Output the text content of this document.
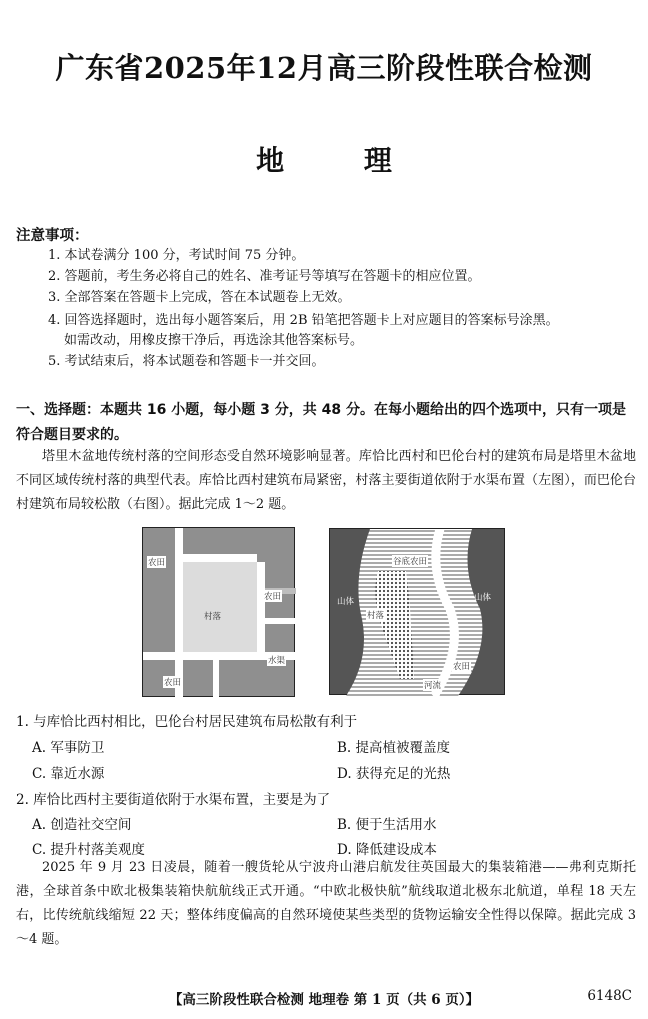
广东省2025年12月高三阶段性联合检测
地 理
注意事项：
1. 本试卷满分 100 分，考试时间 75 分钟。
2. 答题前，考生务必将自己的姓名、准考证号等填写在答题卡的相应位置。
3. 全部答案在答题卡上完成，答在本试题卷上无效。
4. 回答选择题时，选出每小题答案后，用 2B 铅笔把答题卡上对应题目的答案标号涂黑。
如需改动，用橡皮擦干净后，再选涂其他答案标号。
5. 考试结束后，将本试题卷和答题卡一并交回。
一、选择题：本题共 16 小题，每小题 3 分，共 48 分。在每小题给出的四个选项中，只有一项是符合题目要求的。
塔里木盆地传统村落的空间形态受自然环境影响显著。库恰比西村和巴伦台村的建筑布局是塔里木盆地不同区域传统村落的典型代表。库恰比西村建筑布局紧密，村落主要街道依附于水渠布置（左图），而巴伦台村建筑布局较松散（右图）。据此完成 1～2 题。
农田
村落
农田
水渠
农田
谷底农田
山体	山体
村落
农田
河流
1. 与库恰比西村相比，巴伦台村居民建筑布局松散有利于
A. 军事防卫	B. 提高植被覆盖度
C. 靠近水源	D. 获得充足的光热
2. 库恰比西村主要街道依附于水渠布置，主要是为了
A. 创造社交空间	B. 便于生活用水
C. 提升村落美观度	D. 降低建设成本
2025 年 9 月 23 日凌晨，随着一艘货轮从宁波舟山港启航发往英国最大的集装箱港——弗利克斯托港，全球首条中欧北极集装箱快航航线正式开通。“中欧北极快航”航线取道北极东北航道，单程 18 天左右，比传统航线缩短 22 天；整体纬度偏高的自然环境使某些类型的货物运输安全性得以保障。据此完成 3～4 题。
【高三阶段性联合检测 地理卷 第 1 页（共 6 页）】	6148C
